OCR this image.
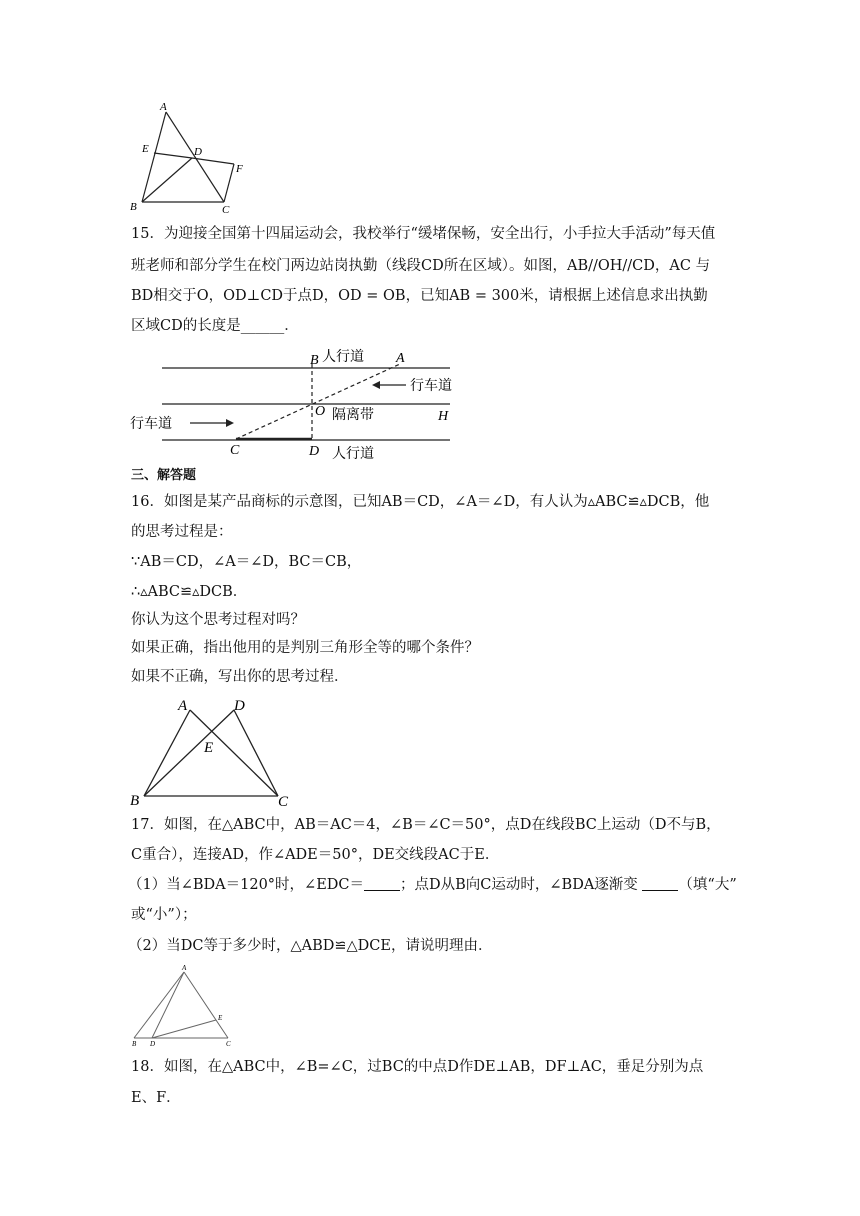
A
E	D
F
B	C
15．为迎接全国第十四届运动会，我校举行“缓堵保畅，安全出行，小手拉大手活动”每天值
班老师和部分学生在校门两边站岗执勤（线段CD所在区域）。如图，AB//OH//CD，AC 与
BD相交于O，OD⊥CD于点D，OD = OB，已知AB = 300米，请根据上述信息求出执勤
区域CD的长度是______．
B 人行道 A
行车道
O 隔离带	H
行车道
C	D 人行道
三、解答题
16．如图是某产品商标的示意图，已知AB＝CD，∠A＝∠D，有人认为▵ABC≌▵DCB，他
的思考过程是：
∵AB＝CD，∠A＝∠D，BC＝CB，
∴▵ABC≌▵DCB．
你认为这个思考过程对吗？
如果正确，指出他用的是判别三角形全等的哪个条件？
如果不正确，写出你的思考过程．
A	D
E
B	C
17．如图，在△ABC中，AB＝AC＝4，∠B＝∠C＝50°，点D在线段BC上运动（D不与B，
C重合），连接AD，作∠ADE＝50°，DE交线段AC于E．
（1）当∠BDA＝120°时，∠EDC＝ ；点D从B向C运动时，∠BDA逐渐变	（填“大”
或“小”）；
（2）当DC等于多少时，△ABD≌△DCE，请说明理由．
A
E
B D	C
18．如图，在△ABC中，∠B=∠C，过BC的中点D作DE⊥AB，DF⊥AC，垂足分别为点
E、F．
